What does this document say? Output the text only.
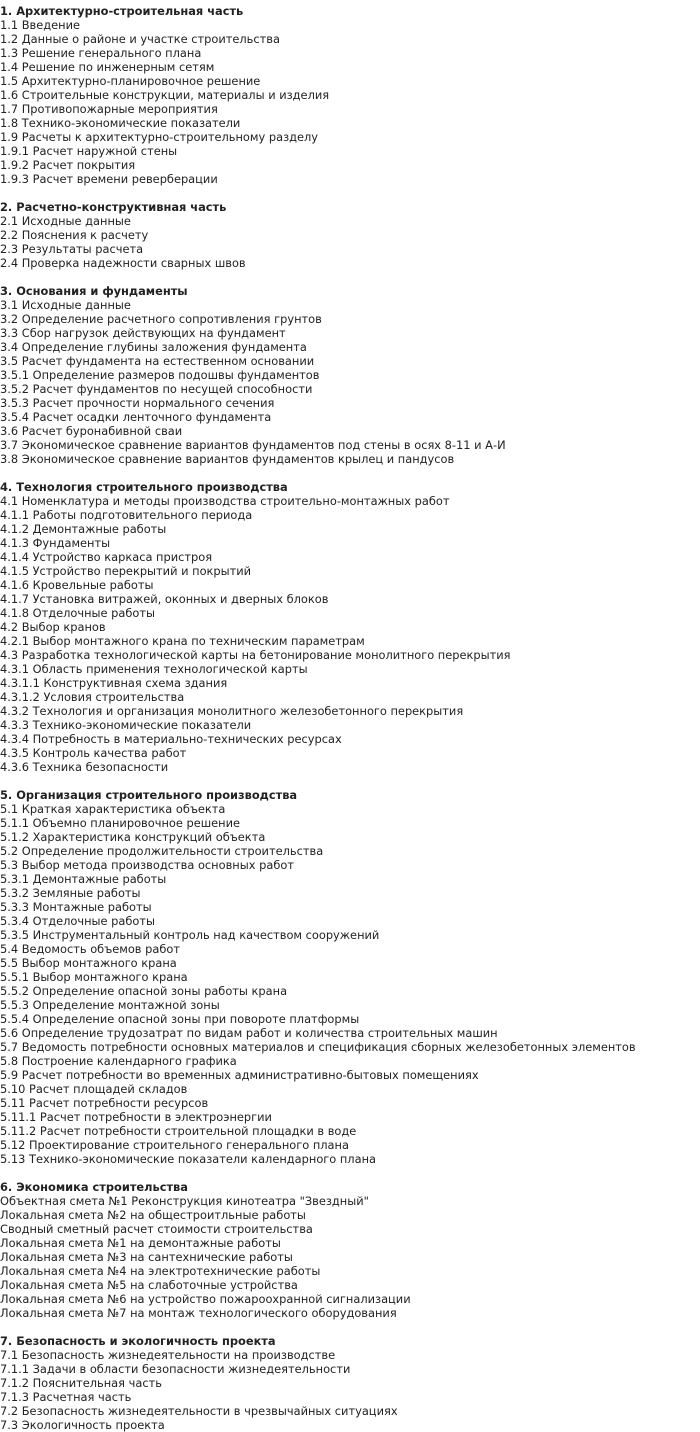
1. Архитектурно-строительная часть
1.1 Введение
1.2 Данные о районе и участке строительства
1.3 Решение генерального плана
1.4 Решение по инженерным сетям
1.5 Архитектурно-планировочное решение
1.6 Строительные конструкции, материалы и изделия
1.7 Противопожарные мероприятия
1.8 Технико-экономические показатели
1.9 Расчеты к архитектурно-строительному разделу
1.9.1 Расчет наружной стены
1.9.2 Расчет покрытия
1.9.3 Расчет времени реверберации
2. Расчетно-конструктивная часть
2.1 Исходные данные
2.2 Пояснения к расчету
2.3 Результаты расчета
2.4 Проверка надежности сварных швов
3. Основания и фундаменты
3.1 Исходные данные
3.2 Определение расчетного сопротивления грунтов
3.3 Сбор нагрузок действующих на фундамент
3.4 Определение глубины заложения фундамента
3.5 Расчет фундамента на естественном основании
3.5.1 Определение размеров подошвы фундаментов
3.5.2 Расчет фундаментов по несущей способности
3.5.3 Расчет прочности нормального сечения
3.5.4 Расчет осадки ленточного фундамента
3.6 Расчет буронабивной сваи
3.7 Экономическое сравнение вариантов фундаментов под стены в осях 8-11 и А-И
3.8 Экономическое сравнение вариантов фундаментов крылец и пандусов
4. Технология строительного производства
4.1 Номенклатура и методы производства строительно-монтажных работ
4.1.1 Работы подготовительного периода
4.1.2 Демонтажные работы
4.1.3 Фундаменты
4.1.4 Устройство каркаса пристроя
4.1.5 Устройство перекрытий и покрытий
4.1.6 Кровельные работы
4.1.7 Установка витражей, оконных и дверных блоков
4.1.8 Отделочные работы
4.2 Выбор кранов
4.2.1 Выбор монтажного крана по техническим параметрам
4.3 Разработка технологической карты на бетонирование монолитного перекрытия
4.3.1 Область применения технологической карты
4.3.1.1 Конструктивная схема здания
4.3.1.2 Условия строительства
4.3.2 Технология и организация монолитного железобетонного перекрытия
4.3.3 Технико-экономические показатели
4.3.4 Потребность в материально-технических ресурсах
4.3.5 Контроль качества работ
4.3.6 Техника безопасности
5. Организация строительного производства
5.1 Краткая характеристика объекта
5.1.1 Объемно планировочное решение
5.1.2 Характеристика конструкций объекта
5.2 Определение продолжительности строительства
5.3 Выбор метода производства основных работ
5.3.1 Демонтажные работы
5.3.2 Земляные работы
5.3.3 Монтажные работы
5.3.4 Отделочные работы
5.3.5 Инструментальный контроль над качеством сооружений
5.4 Ведомость объемов работ
5.5 Выбор монтажного крана
5.5.1 Выбор монтажного крана
5.5.2 Определение опасной зоны работы крана
5.5.3 Определение монтажной зоны
5.5.4 Определение опасной зоны при повороте платформы
5.6 Определение трудозатрат по видам работ и количества строительных машин
5.7 Ведомость потребности основных материалов и спецификация сборных железобетонных элементов
5.8 Построение календарного графика
5.9 Расчет потребности во временных административно-бытовых помещениях
5.10 Расчет площадей складов
5.11 Расчет потребности ресурсов
5.11.1 Расчет потребности в электроэнергии
5.11.2 Расчет потребности строительной площадки в воде
5.12 Проектирование строительного генерального плана
5.13 Технико-экономические показатели календарного плана
6. Экономика строительства
Объектная смета №1 Реконструкция кинотеатра "Звездный"
Локальная смета №2 на общестроитльные работы
Сводный сметный расчет стоимости строительства
Локальная смета №1 на демонтажные работы
Локальная смета №3 на сантехнические работы
Локальная смета №4 на электротехнические работы
Локальная смета №5 на слаботочные устройства
Локальная смета №6 на устройство пожароохранной сигнализации
Локальная смета №7 на монтаж технологического оборудования
7. Безопасность и экологичность проекта
7.1 Безопасность жизнедеятельности на производстве
7.1.1 Задачи в области безопасности жизнедеятельности
7.1.2 Пояснительная часть
7.1.3 Расчетная часть
7.2 Безопасность жизнедеятельности в чрезвычайных ситуациях
7.3 Экологичность проекта
